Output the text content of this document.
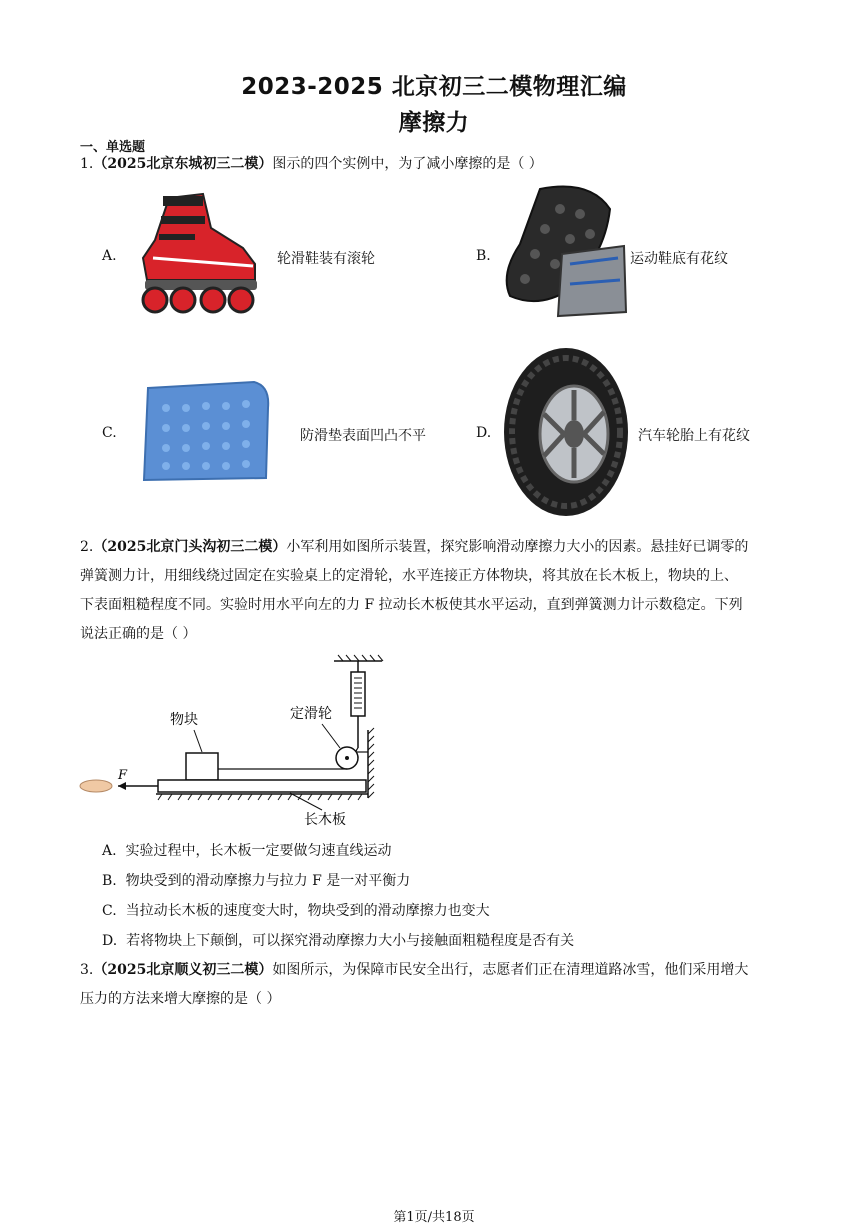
2023-2025 北京初三二模物理汇编
摩擦力
一、单选题
1.（2025北京东城初三二模）图示的四个实例中，为了减小摩擦的是（ ）
A.	轮滑鞋装有滚轮	B.	运动鞋底有花纹
C.	防滑垫表面凹凸不平	D.	汽车轮胎上有花纹
2.（2025北京门头沟初三二模）小军利用如图所示装置，探究影响滑动摩擦力大小的因素。悬挂好已调零的
弹簧测力计，用细线绕过固定在实验桌上的定滑轮，水平连接正方体物块，将其放在长木板上，物块的上、
下表面粗糙程度不同。实验时用水平向左的力 F 拉动长木板使其水平运动，直到弹簧测力计示数稳定。下列
说法正确的是（ ）
F
物块	定滑轮
长木板
A. 实验过程中，长木板一定要做匀速直线运动
B. 物块受到的滑动摩擦力与拉力 F 是一对平衡力
C. 当拉动长木板的速度变大时，物块受到的滑动摩擦力也变大
D. 若将物块上下颠倒，可以探究滑动摩擦力大小与接触面粗糙程度是否有关
3.（2025北京顺义初三二模）如图所示，为保障市民安全出行，志愿者们正在清理道路冰雪，他们采用增大
压力的方法来增大摩擦的是（ ）
第1页/共18页
